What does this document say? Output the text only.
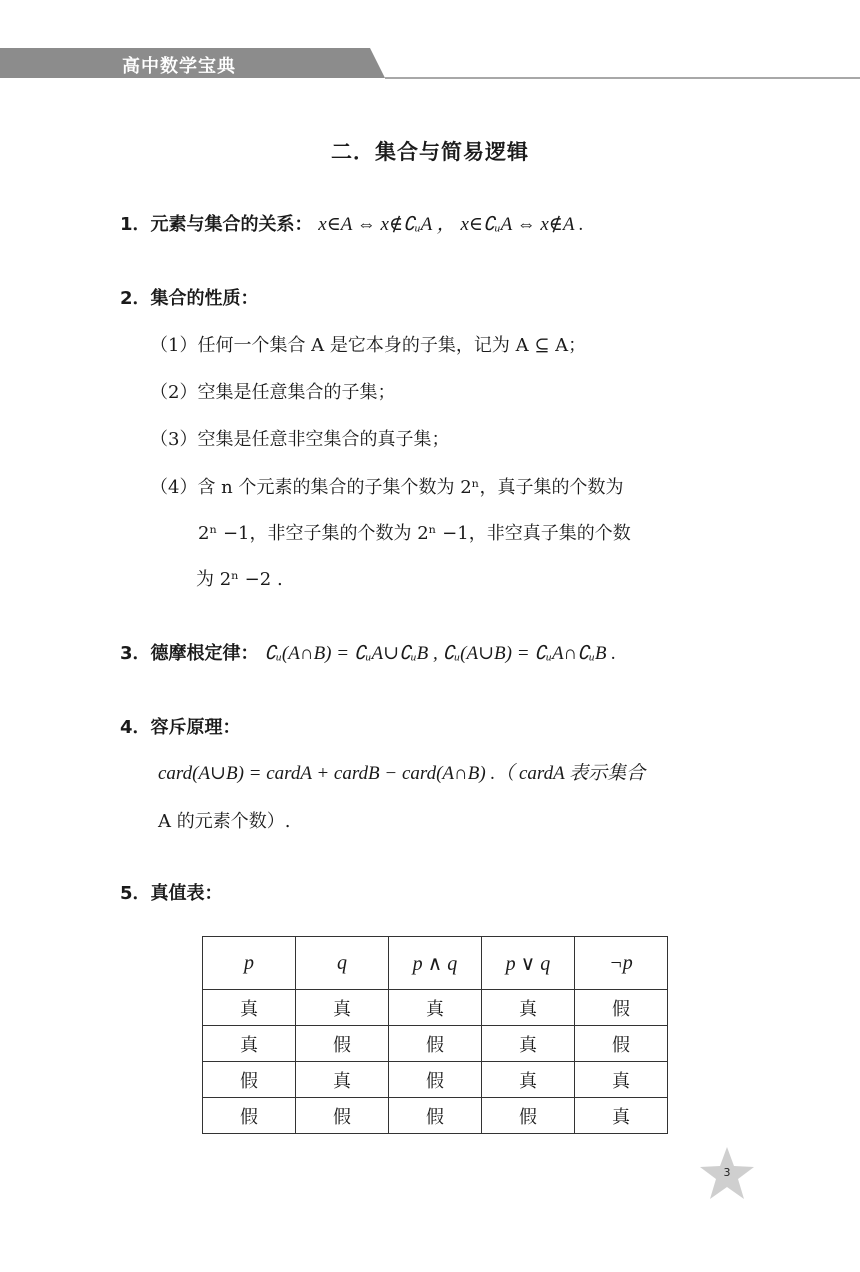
高中数学宝典
二．集合与简易逻辑
1．元素与集合的关系： x∈A ⇔ x∉∁ᵤA ， x∈∁ᵤA ⇔ x∉A .
2．集合的性质：
（1）任何一个集合 A 是它本身的子集，记为 A ⊆ A；
（2）空集是任意集合的子集；
（3）空集是任意非空集合的真子集；
（4）含 n 个元素的集合的子集个数为 2ⁿ，真子集的个数为
2ⁿ −1，非空子集的个数为 2ⁿ −1，非空真子集的个数
为 2ⁿ −2 .
3．德摩根定律： ∁ᵤ(A∩B) = ∁ᵤA∪∁ᵤB , ∁ᵤ(A∪B) = ∁ᵤA∩∁ᵤB .
4．容斥原理：
card(A∪B) = cardA + cardB − card(A∩B) .（ cardA 表示集合
A 的元素个数）.
5．真值表：
p	q	p ∧ q	p ∨ q	¬p
真	真	真	真	假
真	假	假	真	假
假	真	假	真	真
假	假	假	假	真
3
